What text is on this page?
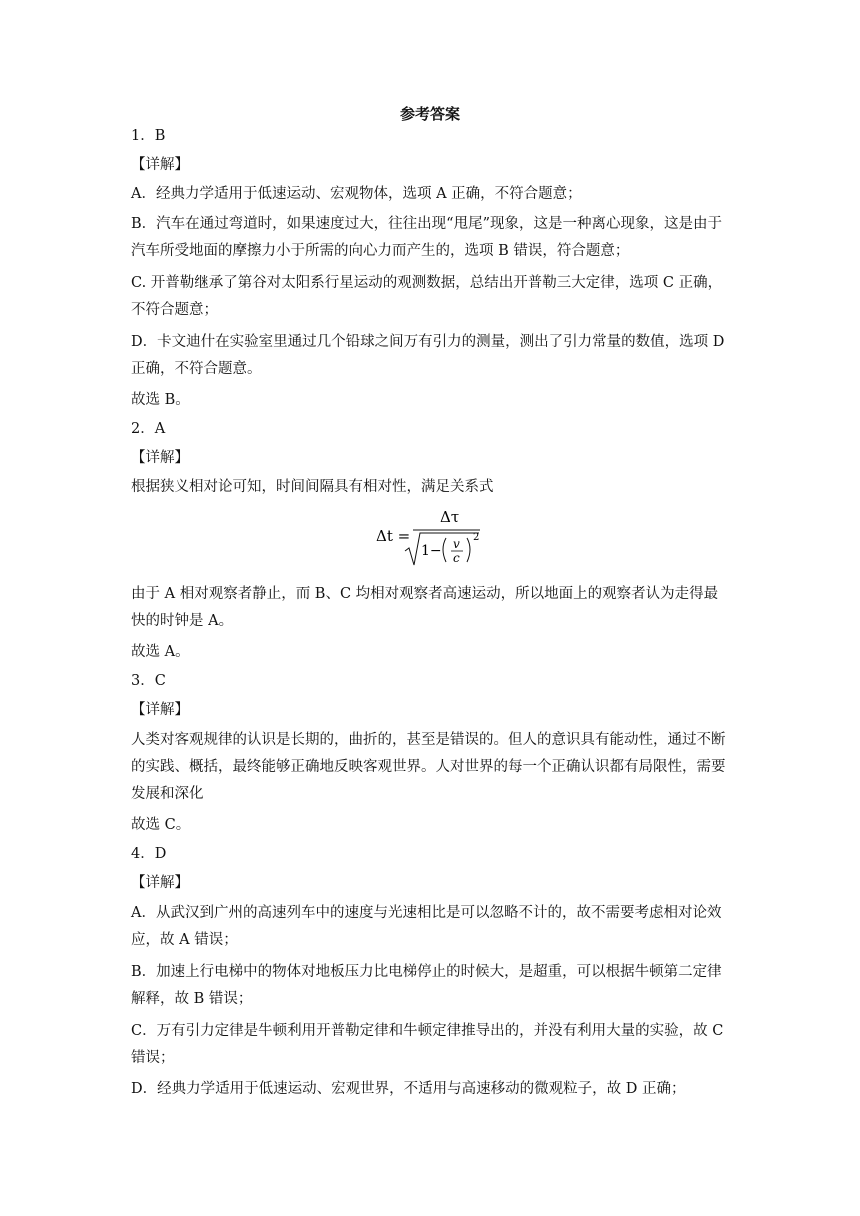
参考答案
1．B
【详解】
A．经典力学适用于低速运动、宏观物体，选项 A 正确，不符合题意；
B．汽车在通过弯道时，如果速度过大，往往出现“甩尾”现象，这是一种离心现象，这是由于汽车所受地面的摩擦力小于所需的向心力而产生的，选项 B 错误，符合题意；
C. 开普勒继承了第谷对太阳系行星运动的观测数据，总结出开普勒三大定律，选项 C 正确，不符合题意；
D．卡文迪什在实验室里通过几个铅球之间万有引力的测量，测出了引力常量的数值，选项 D 正确，不符合题意。
故选 B。
2．A
【详解】
根据狭义相对论可知，时间间隔具有相对性，满足关系式
Δt =
Δτ
1− v
c
2
由于 A 相对观察者静止，而 B、C 均相对观察者高速运动，所以地面上的观察者认为走得最快的时钟是 A。
故选 A。
3．C
【详解】
人类对客观规律的认识是长期的，曲折的，甚至是错误的。但人的意识具有能动性，通过不断的实践、概括，最终能够正确地反映客观世界。人对世界的每一个正确认识都有局限性，需要发展和深化
故选 C。
4．D
【详解】
A．从武汉到广州的高速列车中的速度与光速相比是可以忽略不计的，故不需要考虑相对论效应，故 A 错误；
B．加速上行电梯中的物体对地板压力比电梯停止的时候大，是超重，可以根据牛顿第二定律解释，故 B 错误；
C．万有引力定律是牛顿利用开普勒定律和牛顿定律推导出的，并没有利用大量的实验，故 C 错误；
D．经典力学适用于低速运动、宏观世界，不适用与高速移动的微观粒子，故 D 正确；
